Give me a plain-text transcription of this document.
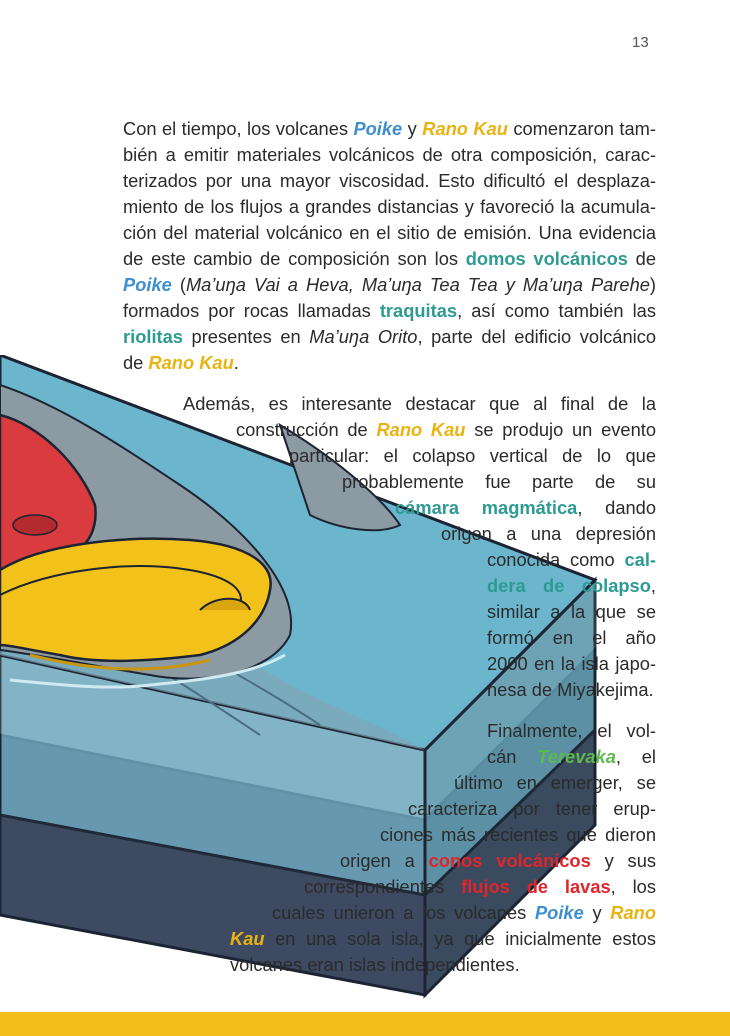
13
Con el tiempo, los volcanes Poike y Rano Kau comenzaron tam-
bién a emitir materiales volcánicos de otra composición, carac-
terizados por una mayor viscosidad. Esto dificultó el desplaza-
miento de los flujos a grandes distancias y favoreció la acumula-
ción del material volcánico en el sitio de emisión. Una evidencia
de este cambio de composición son los domos volcánicos de
Poike (Ma’uŋa Vai a Heva, Ma’uŋa Tea Tea y Ma’uŋa Parehe)
formados por rocas llamadas traquitas, así como también las
riolitas presentes en Ma’uŋa Orito, parte del edificio volcánico
de Rano Kau.
Además, es interesante destacar que al final de la
construcción de Rano Kau se produjo un evento
particular: el colapso vertical de lo que
probablemente fue parte de su
cámara magmática, dando
origen a una depresión
conocida como cal-
dera de colapso,
similar a la que se
formó en el año
2000 en la isla japo-
nesa de Miyakejima.
Finalmente, el vol-
cán Terevaka, el
último en emerger, se
caracteriza por tener erup-
ciones más recientes que dieron
origen a conos volcánicos y sus
correspondientes flujos de lavas, los
cuales unieron a los volcanes Poike y Rano
Kau en una sola isla, ya que inicialmente estos
volcanes eran islas independientes.
